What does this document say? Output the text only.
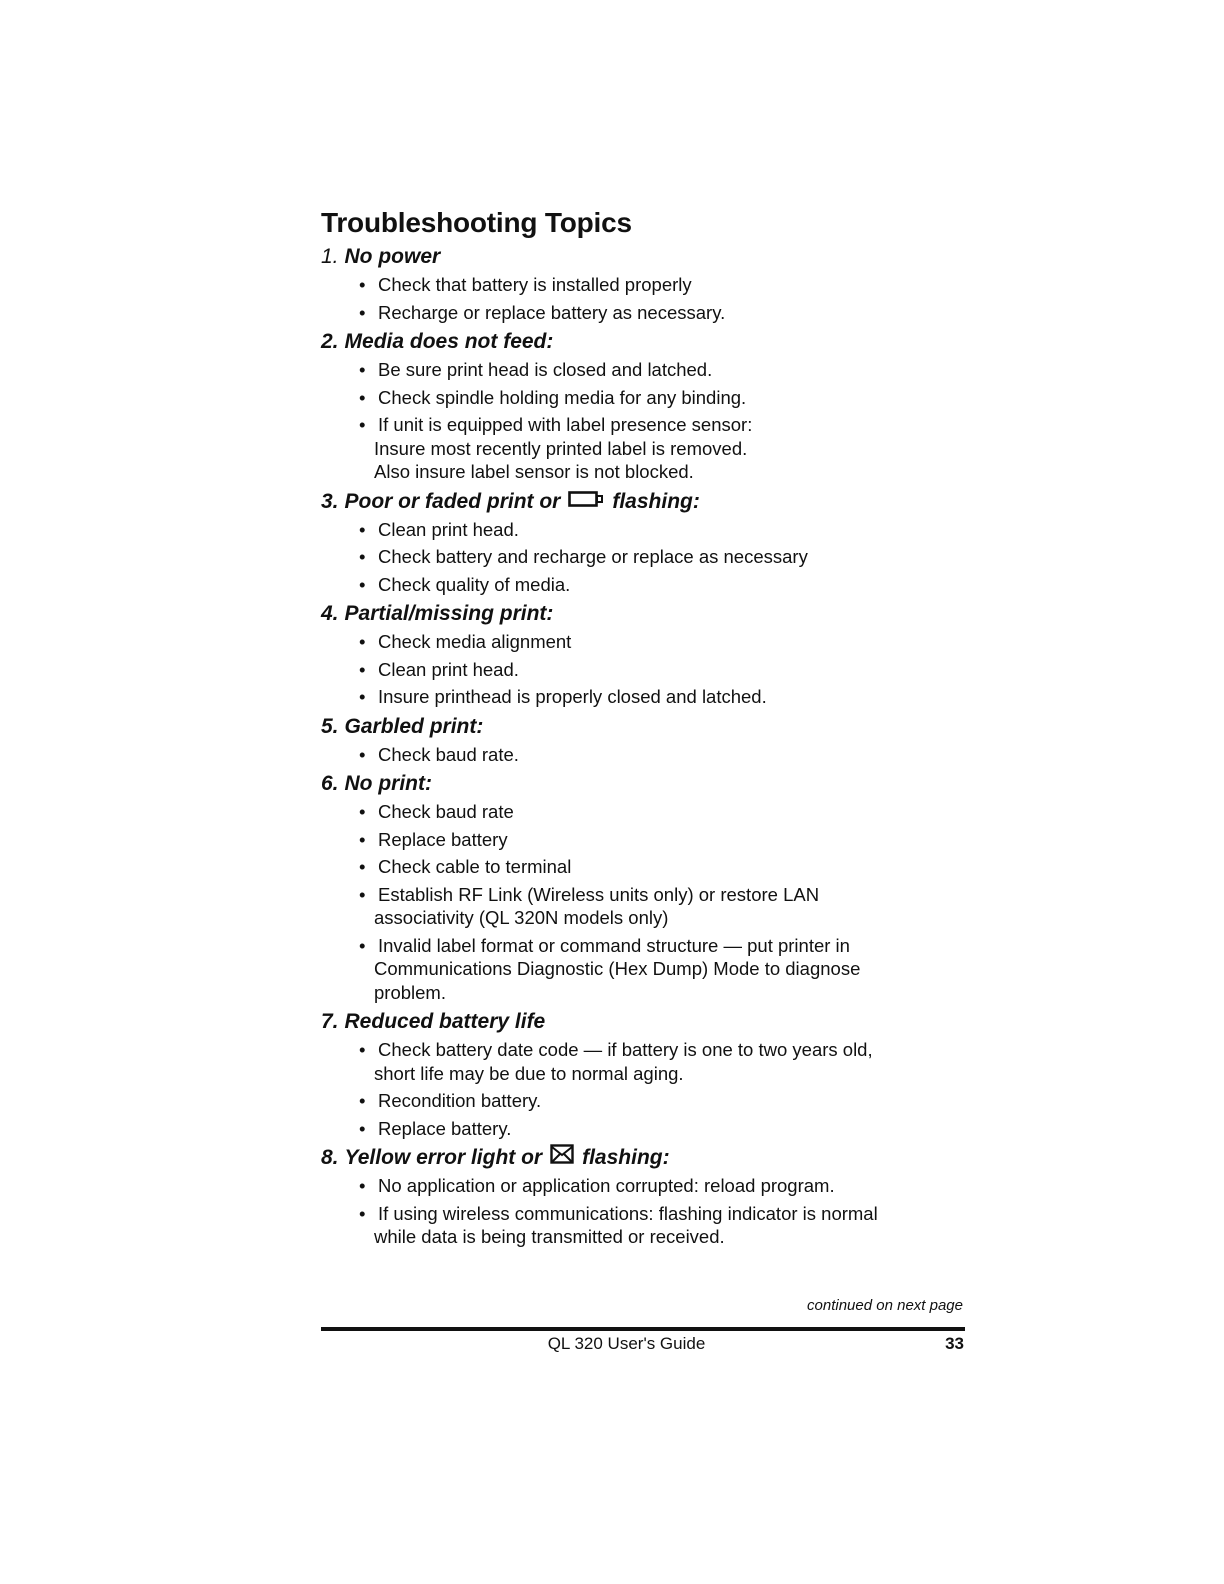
Troubleshooting Topics
1. No power
• Check that battery is installed properly
• Recharge or replace battery as necessary.
2. Media does not feed:
• Be sure print head is closed and latched.
• Check spindle holding media for any binding.
• If unit is equipped with label presence sensor:
Insure most recently printed label is removed.
Also insure label sensor is not blocked.
3. Poor or faded print or flashing:
• Clean print head.
• Check battery and recharge or replace as necessary
• Check quality of media.
4. Partial/missing print:
• Check media alignment
• Clean print head.
• Insure printhead is properly closed and latched.
5. Garbled print:
• Check baud rate.
6. No print:
• Check baud rate
• Replace battery
• Check cable to terminal
• Establish RF Link (Wireless units only) or restore LAN
associativity (QL 320N models only)
• Invalid label format or command structure — put printer in
Communications Diagnostic (Hex Dump) Mode to diagnose
problem.
7. Reduced battery life
• Check battery date code — if battery is one to two years old,
short life may be due to normal aging.
• Recondition battery.
• Replace battery.
8. Yellow error light or flashing:
• No application or application corrupted: reload program.
• If using wireless communications: flashing indicator is normal
while data is being transmitted or received.
continued on next page
QL 320 User's Guide	33
